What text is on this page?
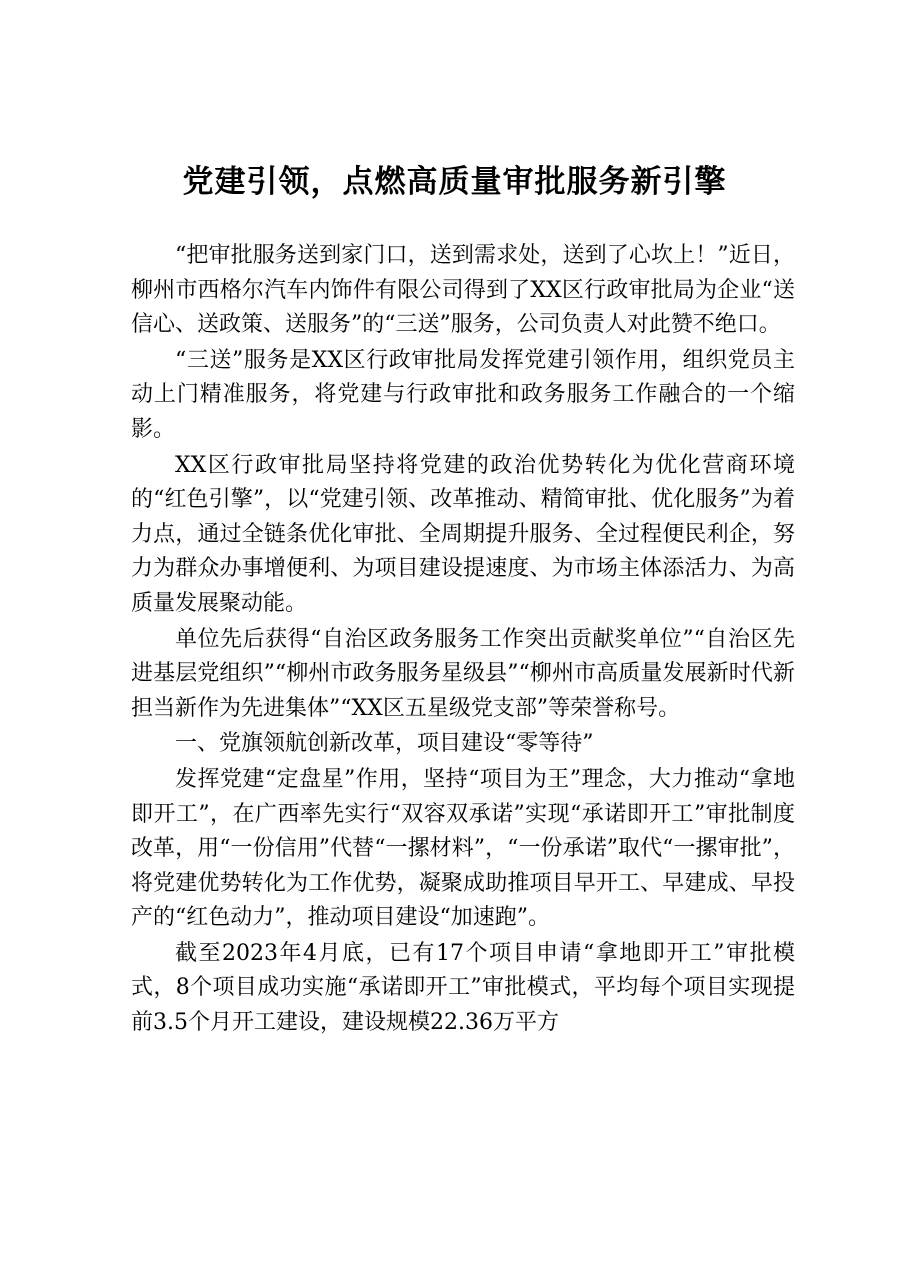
党建引领，点燃高质量审批服务新引擎

“把审批服务送到家门口，送到需求处，送到了心坎上！”近日，柳州市西格尔汽车内饰件有限公司得到了XX区行政审批局为企业“送信心、送政策、送服务”的“三送”服务，公司负责人对此赞不绝口。

“三送”服务是XX区行政审批局发挥党建引领作用，组织党员主动上门精准服务，将党建与行政审批和政务服务工作融合的一个缩影。

XX区行政审批局坚持将党建的政治优势转化为优化营商环境的“红色引擎”，以“党建引领、改革推动、精简审批、优化服务”为着力点，通过全链条优化审批、全周期提升服务、全过程便民利企，努力为群众办事增便利、为项目建设提速度、为市场主体添活力、为高质量发展聚动能。

单位先后获得“自治区政务服务工作突出贡献奖单位”“自治区先进基层党组织”“柳州市政务服务星级县”“柳州市高质量发展新时代新担当新作为先进集体”“XX区五星级党支部”等荣誉称号。

一、党旗领航创新改革，项目建设“零等待”

发挥党建“定盘星”作用，坚持“项目为王”理念，大力推动“拿地即开工”，在广西率先实行“双容双承诺”实现“承诺即开工”审批制度改革，用“一份信用”代替“一摞材料”，“一份承诺”取代“一摞审批”，将党建优势转化为工作优势，凝聚成助推项目早开工、早建成、早投产的“红色动力”，推动项目建设“加速跑”。

截至2023年4月底，已有17个项目申请“拿地即开工”审批模式，8个项目成功实施“承诺即开工”审批模式，平均每个项目实现提前3.5个月开工建设，建设规模22.36万平方
